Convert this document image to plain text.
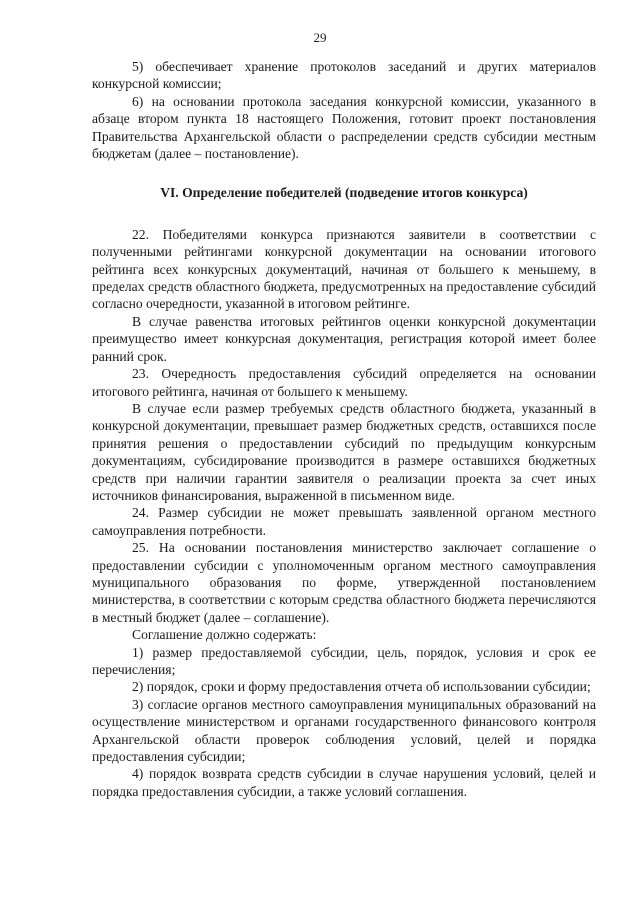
29

5) обеспечивает хранение протоколов заседаний и других материалов конкурсной комиссии;

6) на основании протокола заседания конкурсной комиссии, указанного в абзаце втором пункта 18 настоящего Положения, готовит проект постановления Правительства Архангельской области о распределении средств субсидии местным бюджетам (далее – постановление).

VI. Определение победителей (подведение итогов конкурса)

22. Победителями конкурса признаются заявители в соответствии с полученными рейтингами конкурсной документации на основании итогового рейтинга всех конкурсных документаций, начиная от большего к меньшему, в пределах средств областного бюджета, предусмотренных на предоставление субсидий согласно очередности, указанной в итоговом рейтинге.

В случае равенства итоговых рейтингов оценки конкурсной документации преимущество имеет конкурсная документация, регистрация которой имеет более ранний срок.

23. Очередность предоставления субсидий определяется на основании итогового рейтинга, начиная от большего к меньшему.

В случае если размер требуемых средств областного бюджета, указанный в конкурсной документации, превышает размер бюджетных средств, оставшихся после принятия решения о предоставлении субсидий по предыдущим конкурсным документациям, субсидирование производится в размере оставшихся бюджетных средств при наличии гарантии заявителя о реализации проекта за счет иных источников финансирования, выраженной в письменном виде.

24. Размер субсидии не может превышать заявленной органом местного самоуправления потребности.

25. На основании постановления министерство заключает соглашение о предоставлении субсидии с уполномоченным органом местного самоуправления муниципального образования по форме, утвержденной постановлением министерства, в соответствии с которым средства областного бюджета перечисляются в местный бюджет (далее – соглашение).

Соглашение должно содержать:

1) размер предоставляемой субсидии, цель, порядок, условия и срок ее перечисления;

2) порядок, сроки и форму предоставления отчета об использовании субсидии;

3) согласие органов местного самоуправления муниципальных образований на осуществление министерством и органами государственного финансового контроля Архангельской области проверок соблюдения условий, целей и порядка предоставления субсидии;

4) порядок возврата средств субсидии в случае нарушения условий, целей и порядка предоставления субсидии, а также условий соглашения.
